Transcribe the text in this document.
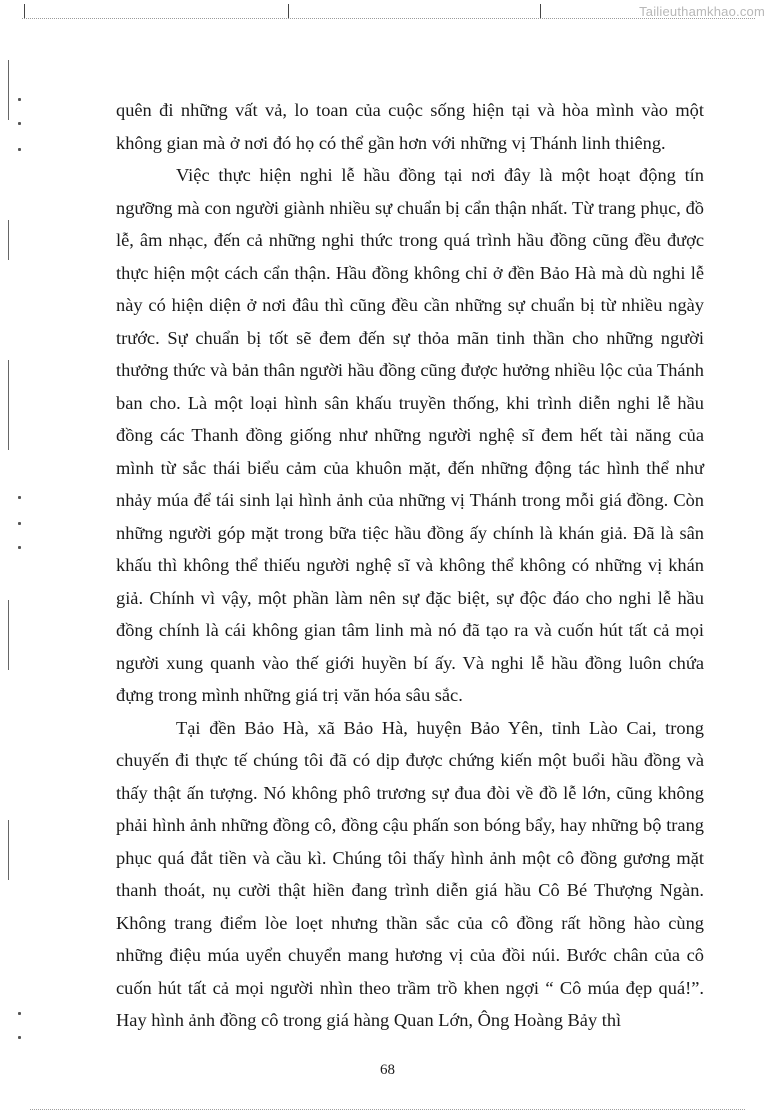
Tailieuthamkhao.com

quên đi những vất vả, lo toan của cuộc sống hiện tại và hòa mình vào một không gian mà ở nơi đó họ có thể gần hơn với những vị Thánh linh thiêng.

Việc thực hiện nghi lễ hầu đồng tại nơi đây là một hoạt động tín ngưỡng mà con người giành nhiều sự chuẩn bị cẩn thận nhất. Từ trang phục, đồ lễ, âm nhạc, đến cả những nghi thức trong quá trình hầu đồng cũng đều được thực hiện một cách cẩn thận. Hầu đồng không chỉ ở đền Bảo Hà mà dù nghi lễ này có hiện diện ở nơi đâu thì cũng đều cần những sự chuẩn bị từ nhiều ngày trước. Sự chuẩn bị tốt sẽ đem đến sự thỏa mãn tinh thần cho những người thưởng thức và bản thân người hầu đồng cũng được hưởng nhiều lộc của Thánh ban cho. Là một loại hình sân khấu truyền thống, khi trình diễn nghi lễ hầu đồng các Thanh đồng giống như những người nghệ sĩ đem hết tài năng của mình từ sắc thái biểu cảm của khuôn mặt, đến những động tác hình thể như nhảy múa để tái sinh lại hình ảnh của những vị Thánh trong mỗi giá đồng. Còn những người góp mặt trong bữa tiệc hầu đồng ấy chính là khán giả. Đã là sân khấu thì không thể thiếu người nghệ sĩ và không thể không có những vị khán giả. Chính vì vậy, một phần làm nên sự đặc biệt, sự độc đáo cho nghi lễ hầu đồng chính là cái không gian tâm linh mà nó đã tạo ra và cuốn hút tất cả mọi người xung quanh vào thế giới huyền bí ấy. Và nghi lễ hầu đồng luôn chứa đựng trong mình những giá trị văn hóa sâu sắc.

Tại đền Bảo Hà, xã Bảo Hà, huyện Bảo Yên, tỉnh Lào Cai, trong chuyến đi thực tế chúng tôi đã có dịp được chứng kiến một buổi hầu đồng và thấy thật ấn tượng. Nó không phô trương sự đua đòi về đồ lễ lớn, cũng không phải hình ảnh những đồng cô, đồng cậu phấn son bóng bẩy, hay những bộ trang phục quá đắt tiền và cầu kì. Chúng tôi thấy hình ảnh một cô đồng gương mặt thanh thoát, nụ cười thật hiền đang trình diễn giá hầu Cô Bé Thượng Ngàn. Không trang điểm lòe loẹt nhưng thần sắc của cô đồng rất hồng hào cùng những điệu múa uyển chuyển mang hương vị của đồi núi. Bước chân của cô cuốn hút tất cả mọi người nhìn theo trầm trồ khen ngợi “ Cô múa đẹp quá!”. Hay hình ảnh đồng cô trong giá hàng Quan Lớn, Ông Hoàng Bảy thì

68
